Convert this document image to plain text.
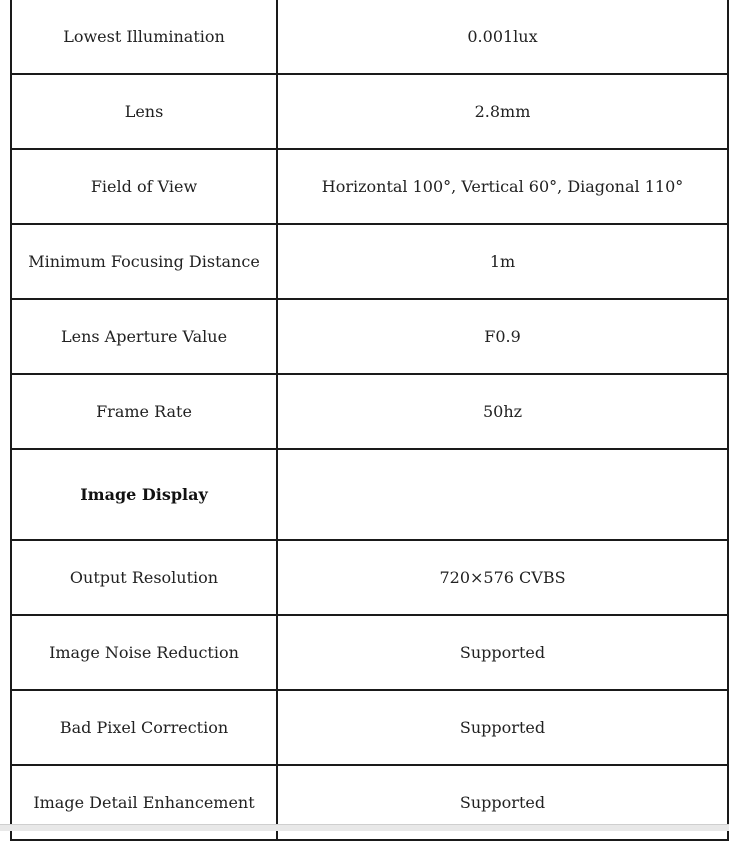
Lowest Illumination	0.001lux
Lens	2.8mm
Field of View	Horizontal 100°, Vertical 60°, Diagonal 110°
Minimum Focusing Distance	1m
Lens Aperture Value	F0.9
Frame Rate	50hz
Image Display	
Output Resolution	720×576 CVBS
Image Noise Reduction	Supported
Bad Pixel Correction	Supported
Image Detail Enhancement	Supported
